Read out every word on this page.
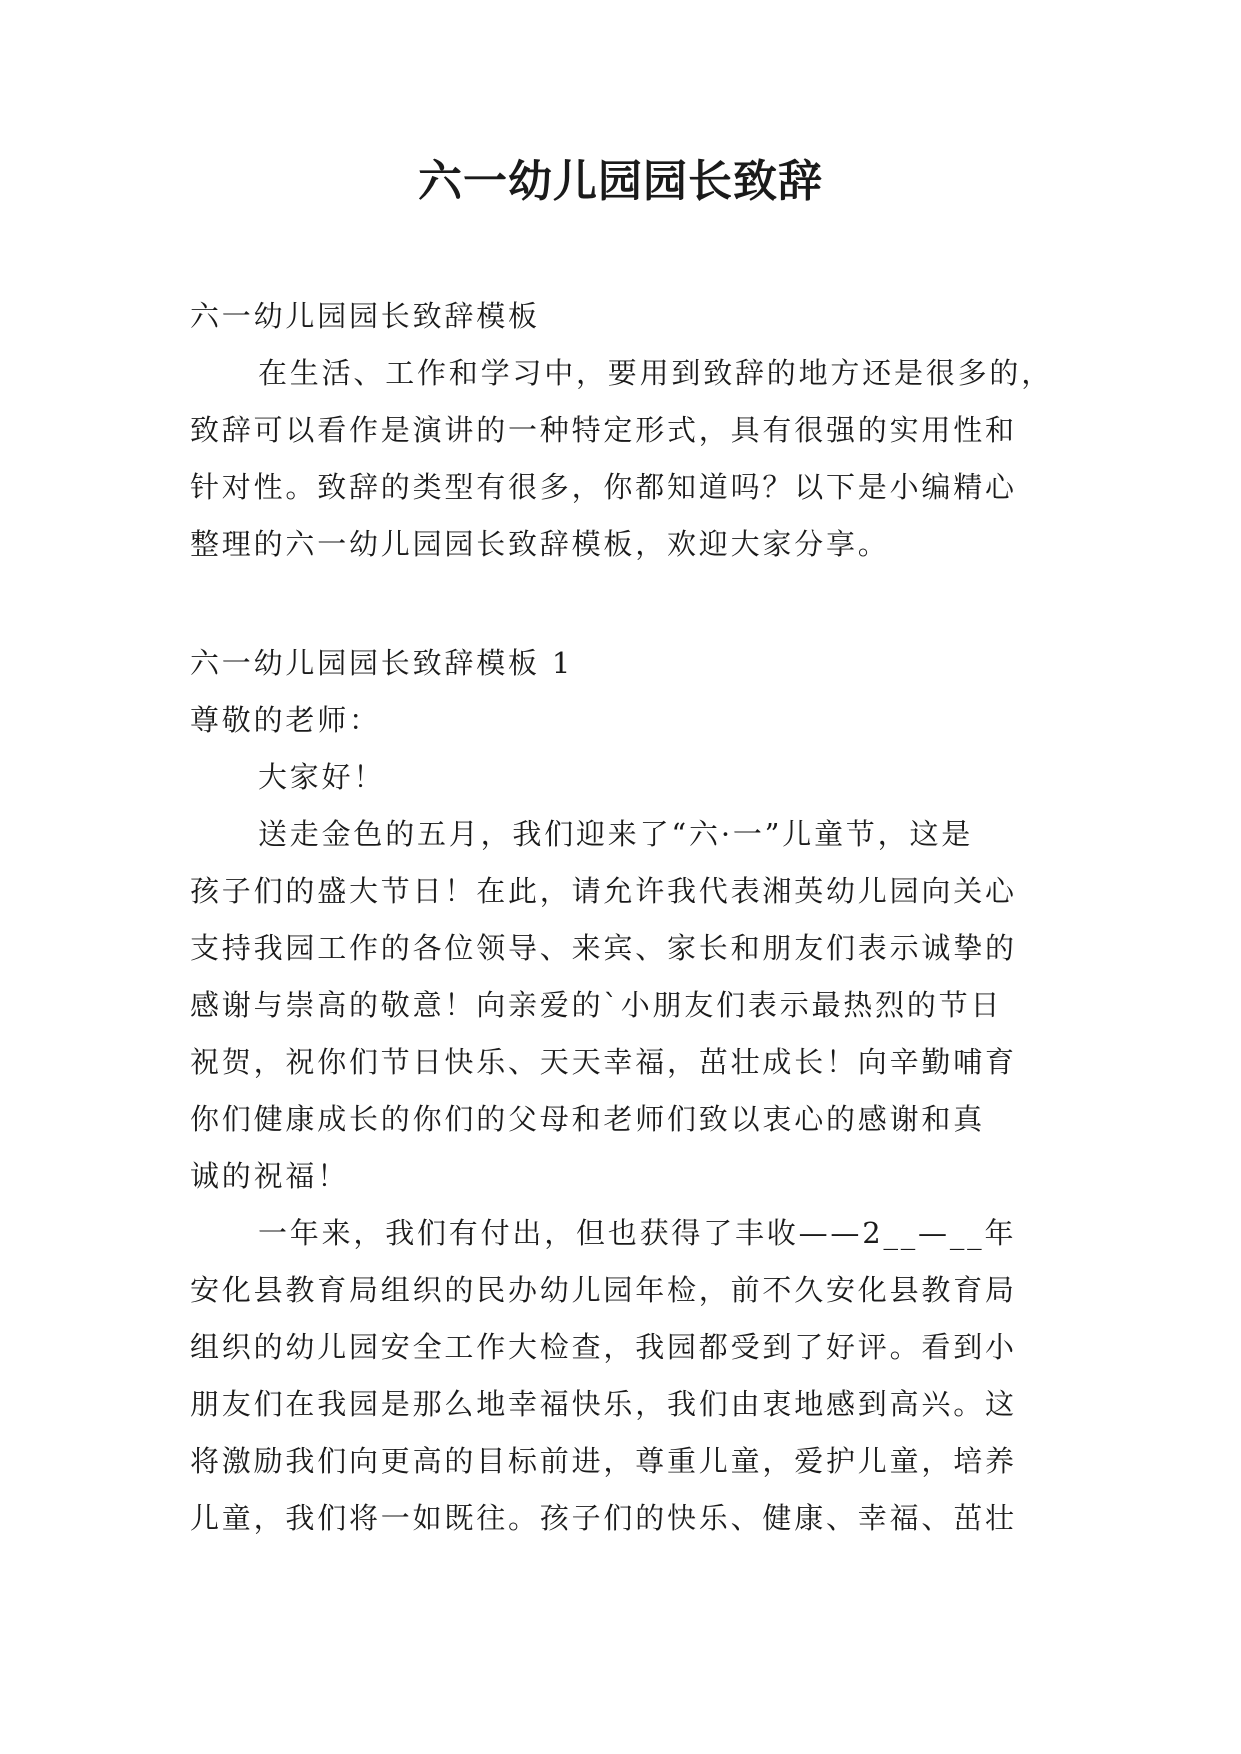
六一幼儿园园长致辞
六一幼儿园园长致辞模板
在生活、工作和学习中，要用到致辞的地方还是很多的，
致辞可以看作是演讲的一种特定形式，具有很强的实用性和
针对性。致辞的类型有很多，你都知道吗？以下是小编精心
整理的六一幼儿园园长致辞模板，欢迎大家分享。
六一幼儿园园长致辞模板 1
尊敬的老师：
大家好！
送走金色的五月，我们迎来了“六·一”儿童节，这是
孩子们的盛大节日！在此，请允许我代表湘英幼儿园向关心
支持我园工作的各位领导、来宾、家长和朋友们表示诚挚的
感谢与崇高的敬意！向亲爱的`小朋友们表示最热烈的节日
祝贺，祝你们节日快乐、天天幸福，茁壮成长！向辛勤哺育
你们健康成长的你们的父母和老师们致以衷心的感谢和真
诚的祝福！
一年来，我们有付出，但也获得了丰收——2__—__年
安化县教育局组织的民办幼儿园年检，前不久安化县教育局
组织的幼儿园安全工作大检查，我园都受到了好评。看到小
朋友们在我园是那么地幸福快乐，我们由衷地感到高兴。这
将激励我们向更高的目标前进，尊重儿童，爱护儿童，培养
儿童，我们将一如既往。孩子们的快乐、健康、幸福、茁壮
